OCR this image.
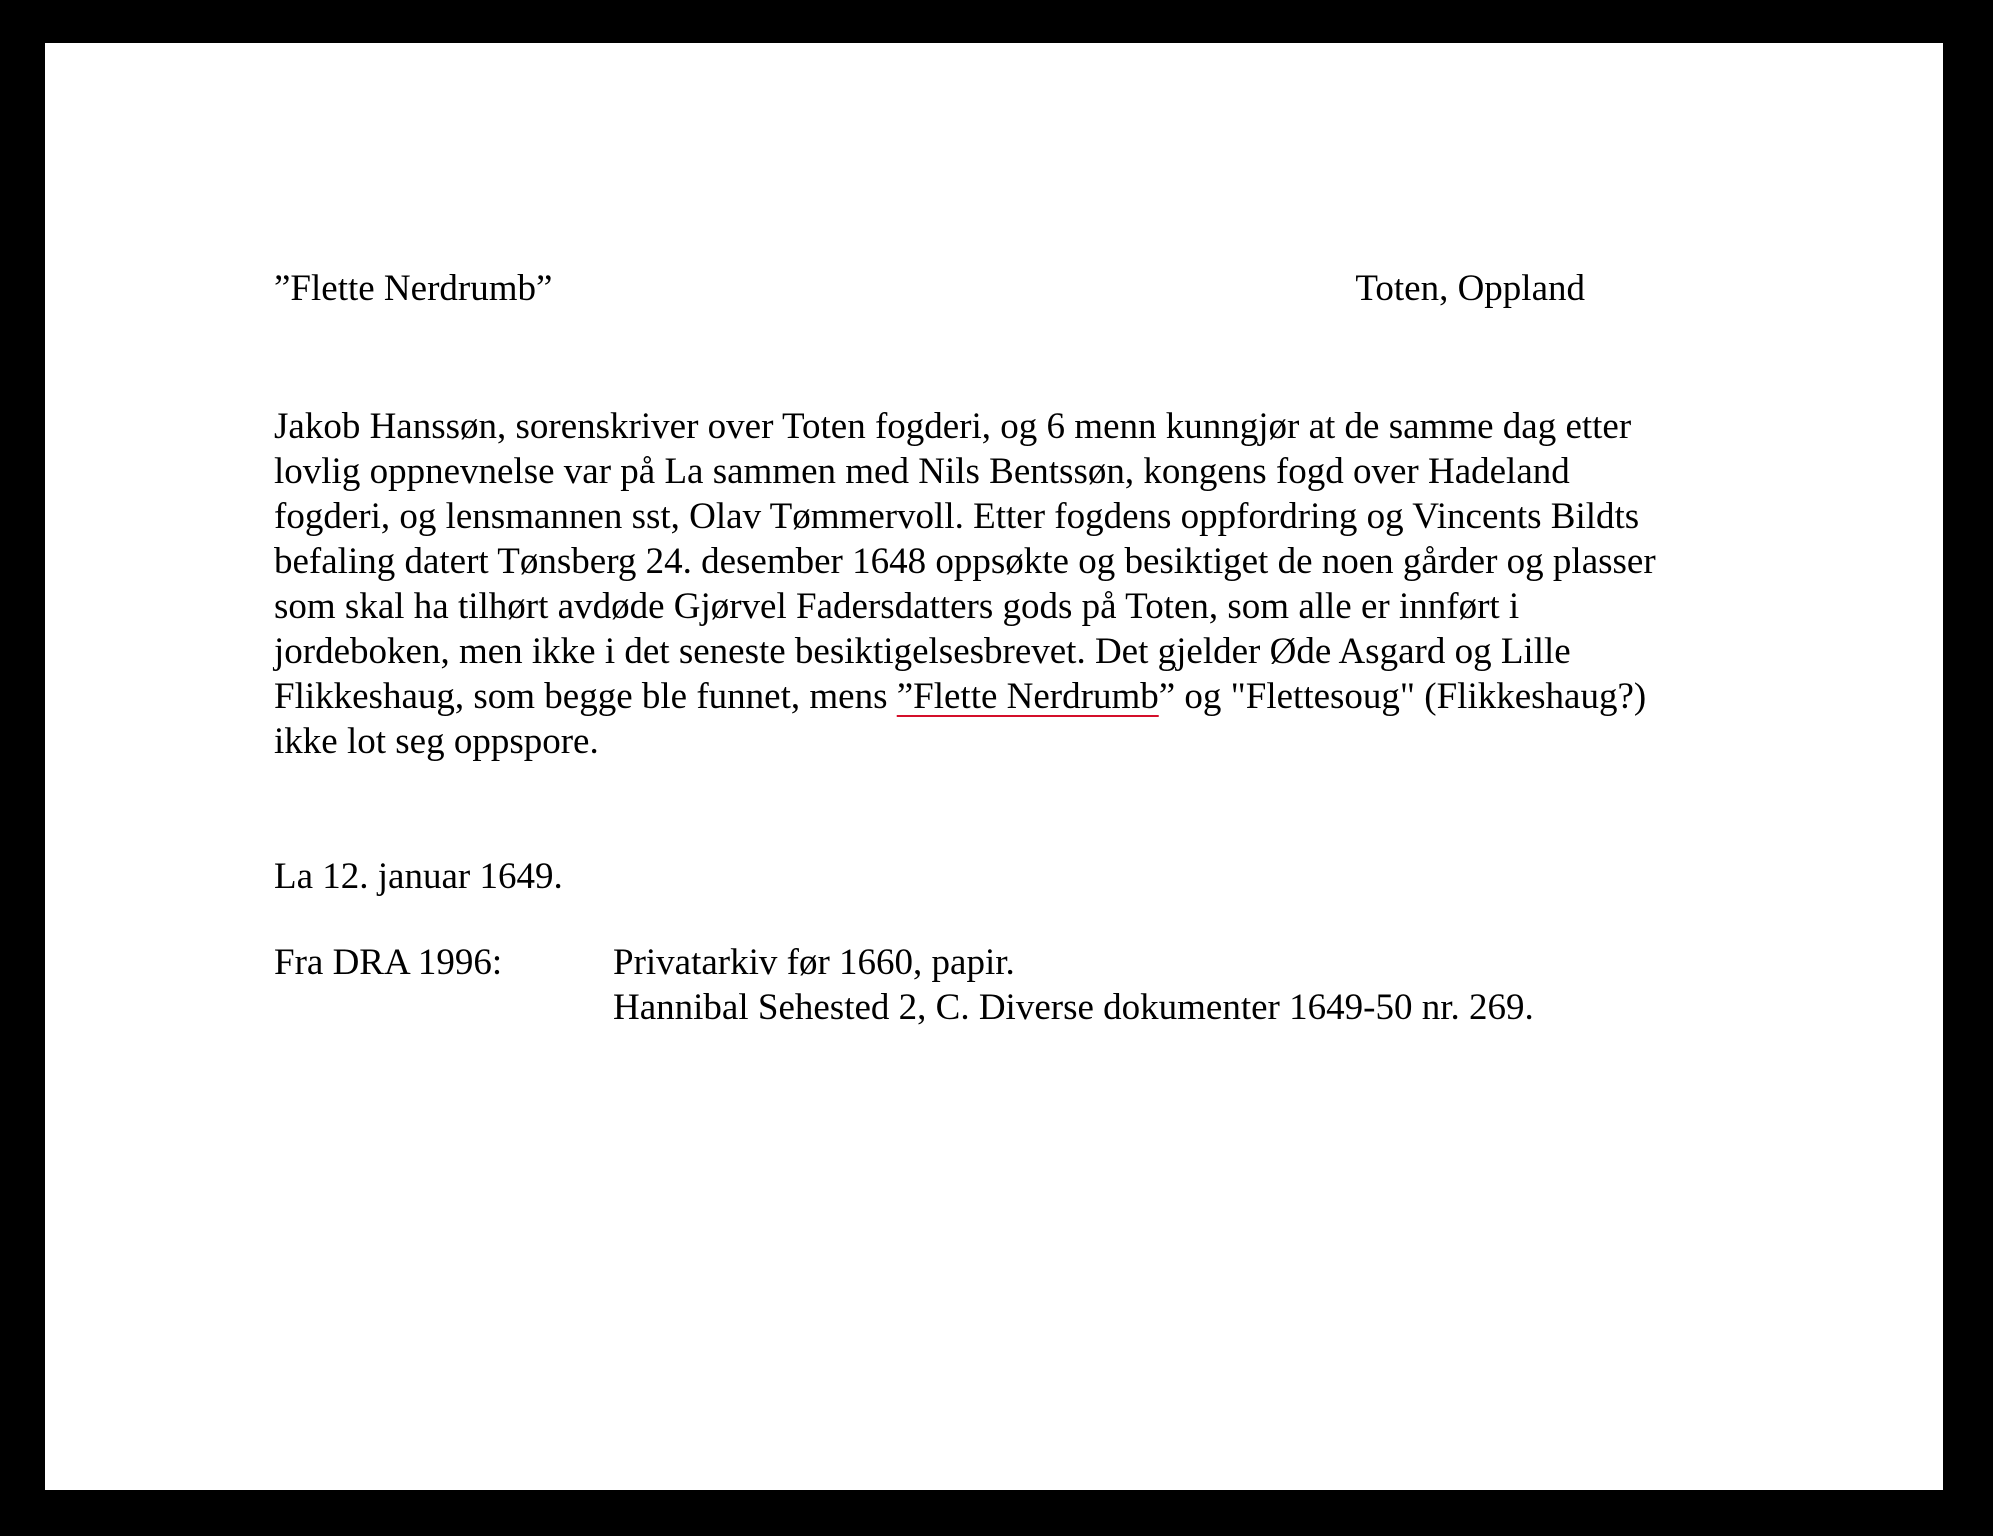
”Flette Nerdrumb”	Toten, Oppland
Jakob Hanssøn, sorenskriver over Toten fogderi, og 6 menn kunngjør at de samme dag etter
lovlig oppnevnelse var på La sammen med Nils Bentssøn, kongens fogd over Hadeland
fogderi, og lensmannen sst, Olav Tømmervoll. Etter fogdens oppfordring og Vincents Bildts
befaling datert Tønsberg 24. desember 1648 oppsøkte og besiktiget de noen gårder og plasser
som skal ha tilhørt avdøde Gjørvel Fadersdatters gods på Toten, som alle er innført i
jordeboken, men ikke i det seneste besiktigelsesbrevet. Det gjelder Øde Asgard og Lille
Flikkeshaug, som begge ble funnet, mens ”Flette Nerdrumb” og "Flettesoug" (Flikkeshaug?)
ikke lot seg oppspore.
La 12. januar 1649.
Fra DRA 1996:	Privatarkiv før 1660, papir.
Hannibal Sehested 2, C. Diverse dokumenter 1649-50 nr. 269.
